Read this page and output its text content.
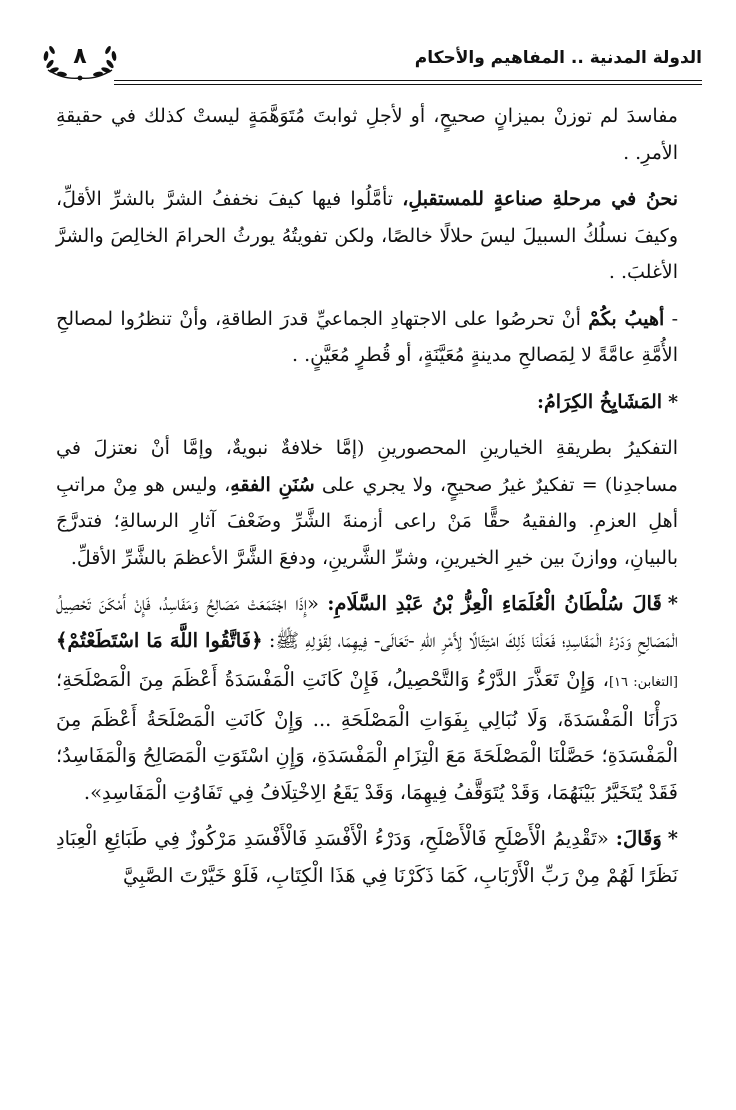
٨	الدولة المدنية .. المفاهيم والأحكام

مفاسدَ لم توزنْ بميزانٍ صحيحٍ، أو لأجلِ ثوابتَ مُتَوَهَّمَةٍ ليستْ كذلك في حقيقةِ الأمرِ. .

نحنُ في مرحلةِ صناعةٍ للمستقبلِ، تأمَّلُوا فيها كيفَ نخففُ الشرَّ بالشرِّ الأقلِّ، وكيفَ نسلُكُ السبيلَ ليسَ حلالًا خالصًا، ولكن تفويتُهُ يورثُ الحرامَ الخالِصَ والشرَّ الأغلبَ. .

- أهيبُ بكُمْ أنْ تحرصُوا على الاجتهادِ الجماعيِّ قدرَ الطاقةِ، وأنْ تنظرُوا لمصالحِ الأُمَّةِ عامَّةً لا لِمَصالحِ مدينةٍ مُعَيَّنَةٍ، أو قُطرٍ مُعَيَّنٍ. .

*المَشَايِخُ الكِرَامُ:

التفكيرُ بطريقةِ الخيارينِ المحصورينِ (إمَّا خلافةٌ نبويةٌ، وإمَّا أنْ نعتزلَ في مساجدِنا) = تفكيرٌ غيرُ صحيحٍ، ولا يجري على سُنَنِ الفقهِ، وليس هو مِنْ مراتبِ أهلِ العزمِ. والفقيهُ حقًّا مَنْ راعى أزمنةَ الشَّرِّ وضَعْفَ آثارِ الرسالةِ؛ فتدرَّجَ بالبيانِ، ووازنَ بين خيرِ الخيرينِ، وشرِّ الشَّرينِ، ودفعَ الشَّرَّ الأعظمَ بالشَّرِّ الأقلِّ.

*قَالَ سُلْطَانُ الْعُلَمَاءِ الْعِزُّ بْنُ عَبْدِ السَّلَامِ: «إِذَا اجْتَمَعَتْ مَصَالِحُ وَمَفَاسِدُ، فَإِنْ أَمْكَنَ تَحْصِيلُ الْمَصَالِحِ وَدَرْءُ الْمَفَاسِدِ؛ فَعَلْنَا ذَلِكَ امْتِثَالًا لِأَمْرِ اللهِ -تَعَالَى- فِيهِمَا، لِقَوْلِهِ ﷺ: ﴿فَاتَّقُوا اللَّهَ مَا اسْتَطَعْتُمْ﴾ [التغابن: ١٦]، وَإِنْ تَعَذَّرَ الدَّرْءُ وَالتَّحْصِيلُ، فَإِنْ كَانَتِ الْمَفْسَدَةُ أَعْظَمَ مِنَ الْمَصْلَحَةِ؛ دَرَأْنَا الْمَفْسَدَةَ، وَلَا نُبَالِي بِفَوَاتِ الْمَصْلَحَةِ ... وَإِنْ كَانَتِ الْمَصْلَحَةُ أَعْظَمَ مِنَ الْمَفْسَدَةِ؛ حَصَّلْنَا الْمَصْلَحَةَ مَعَ الْتِزَامِ الْمَفْسَدَةِ، وَإِنِ اسْتَوَتِ الْمَصَالِحُ وَالْمَفَاسِدُ؛ فَقَدْ يُتَخَيَّرُ بَيْنَهُمَا، وَقَدْ يُتَوَقَّفُ فِيهِمَا، وَقَدْ يَقَعُ الِاخْتِلَافُ فِي تَفَاوُتِ الْمَفَاسِدِ».

*وَقَالَ: «تَقْدِيمُ الْأَصْلَحِ فَالْأَصْلَحِ، وَدَرْءُ الْأَفْسَدِ فَالْأَفْسَدِ مَرْكُوزٌ فِي طَبَائِعِ الْعِبَادِ نَظَرًا لَهُمْ مِنْ رَبِّ الْأَرْبَابِ، كَمَا ذَكَرْنَا فِي هَذَا الْكِتَابِ، فَلَوْ خَيَّرْتَ الصَّبِيَّ
